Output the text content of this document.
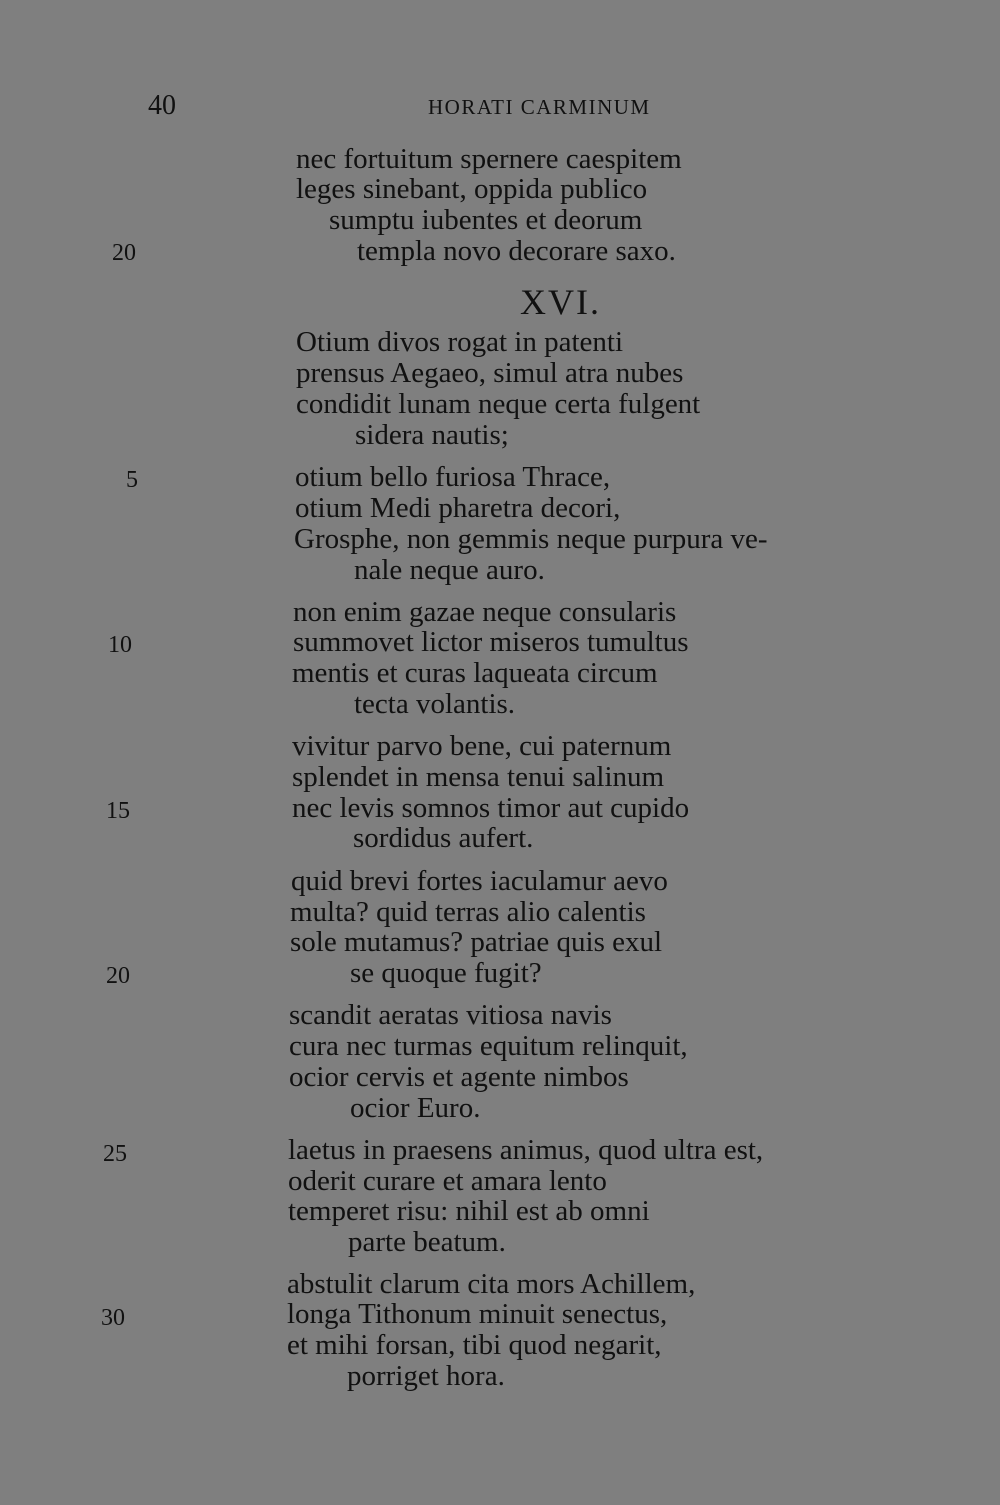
40	HORATI CARMINUM
nec fortuitum spernere caespitem
leges sinebant, oppida publico
sumptu iubentes et deorum
templa novo decorare saxo.
20
XVI.
Otium divos rogat in patenti
prensus Aegaeo, simul atra nubes
condidit lunam neque certa fulgent
sidera nautis;
5	otium bello furiosa Thrace,
otium Medi pharetra decori,
Grosphe, non gemmis neque purpura ve-
nale neque auro.
non enim gazae neque consularis
10	summovet lictor miseros tumultus
mentis et curas laqueata circum
tecta volantis.
vivitur parvo bene, cui paternum
splendet in mensa tenui salinum
15	nec levis somnos timor aut cupido
sordidus aufert.
quid brevi fortes iaculamur aevo
multa? quid terras alio calentis
sole mutamus? patriae quis exul
20	se quoque fugit?
scandit aeratas vitiosa navis
cura nec turmas equitum relinquit,
ocior cervis et agente nimbos
ocior Euro.
25	laetus in praesens animus, quod ultra est,
oderit curare et amara lento
temperet risu: nihil est ab omni
parte beatum.
abstulit clarum cita mors Achillem,
30	longa Tithonum minuit senectus,
et mihi forsan, tibi quod negarit,
porriget hora.
